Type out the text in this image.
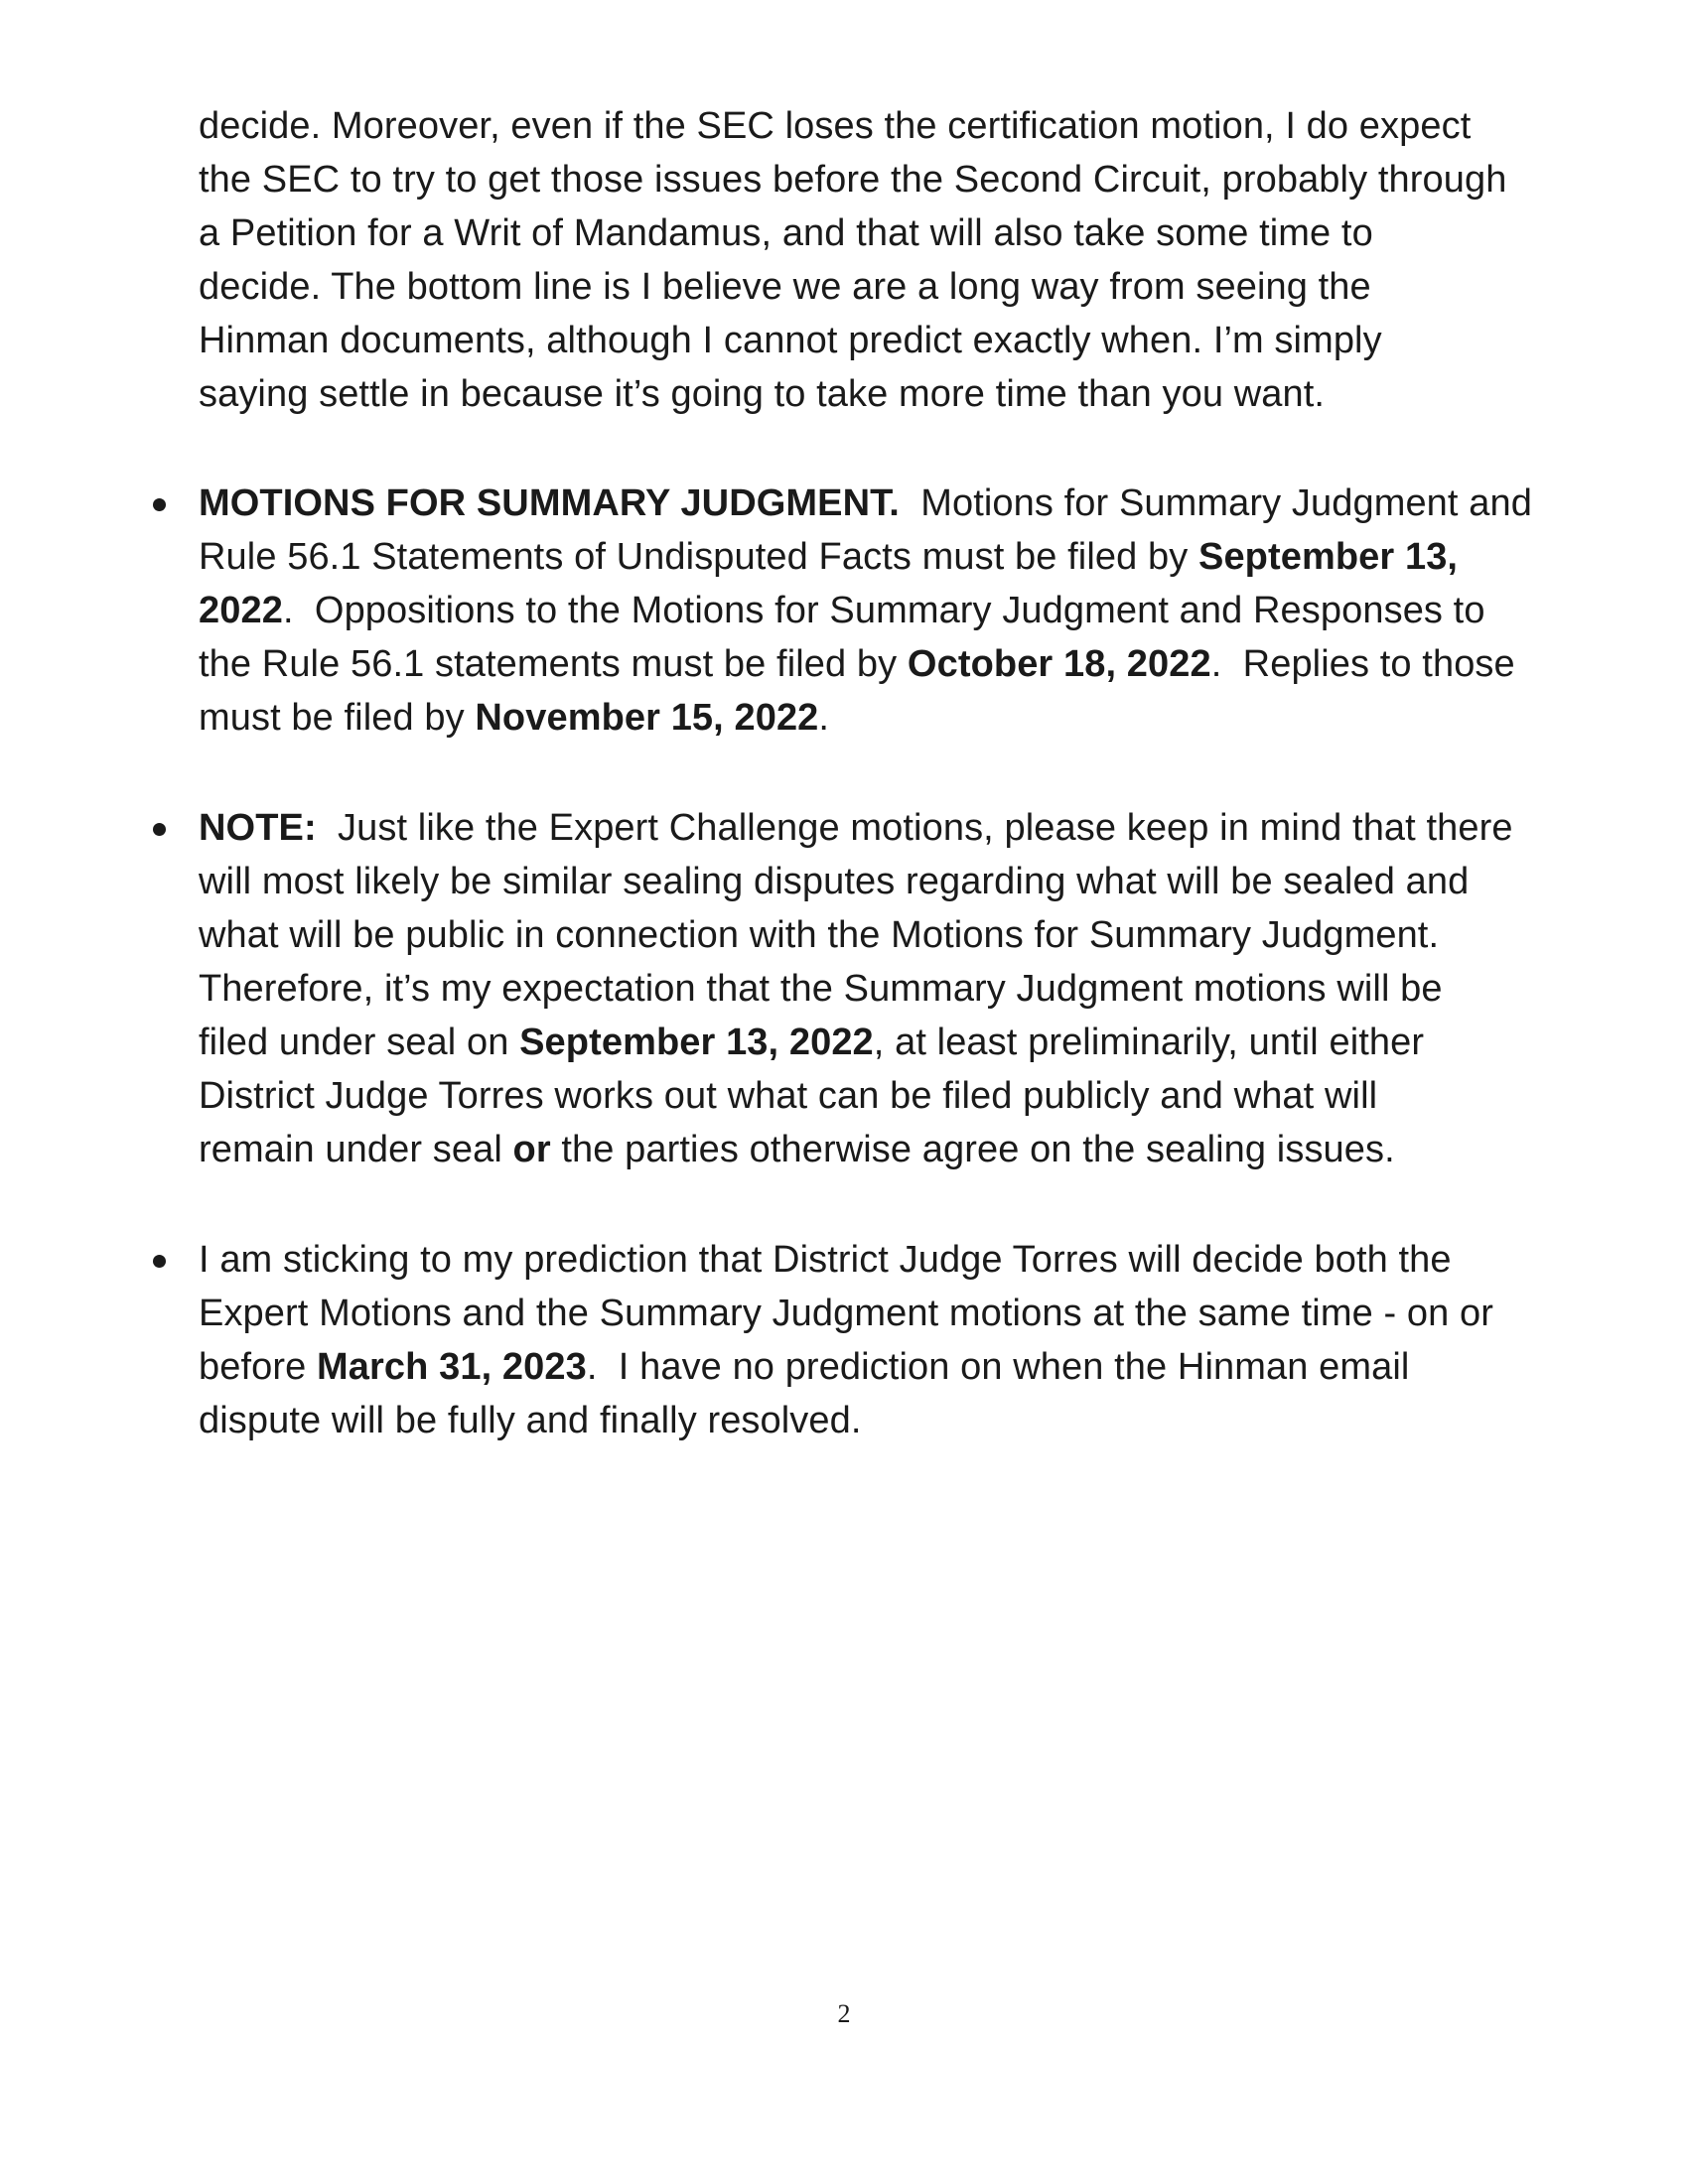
decide. Moreover, even if the SEC loses the certification motion, I do expect
the SEC to try to get those issues before the Second Circuit, probably through
a Petition for a Writ of Mandamus, and that will also take some time to
decide. The bottom line is I believe we are a long way from seeing the
Hinman documents, although I cannot predict exactly when. I’m simply
saying settle in because it’s going to take more time than you want.
MOTIONS FOR SUMMARY JUDGMENT.  Motions for Summary Judgment and
Rule 56.1 Statements of Undisputed Facts must be filed by September 13,
2022.  Oppositions to the Motions for Summary Judgment and Responses to
the Rule 56.1 statements must be filed by October 18, 2022.  Replies to those
must be filed by November 15, 2022.
NOTE:  Just like the Expert Challenge motions, please keep in mind that there
will most likely be similar sealing disputes regarding what will be sealed and
what will be public in connection with the Motions for Summary Judgment.
Therefore, it’s my expectation that the Summary Judgment motions will be
filed under seal on September 13, 2022, at least preliminarily, until either
District Judge Torres works out what can be filed publicly and what will
remain under seal or the parties otherwise agree on the sealing issues.
I am sticking to my prediction that District Judge Torres will decide both the
Expert Motions and the Summary Judgment motions at the same time - on or
before March 31, 2023.  I have no prediction on when the Hinman email
dispute will be fully and finally resolved.
2
